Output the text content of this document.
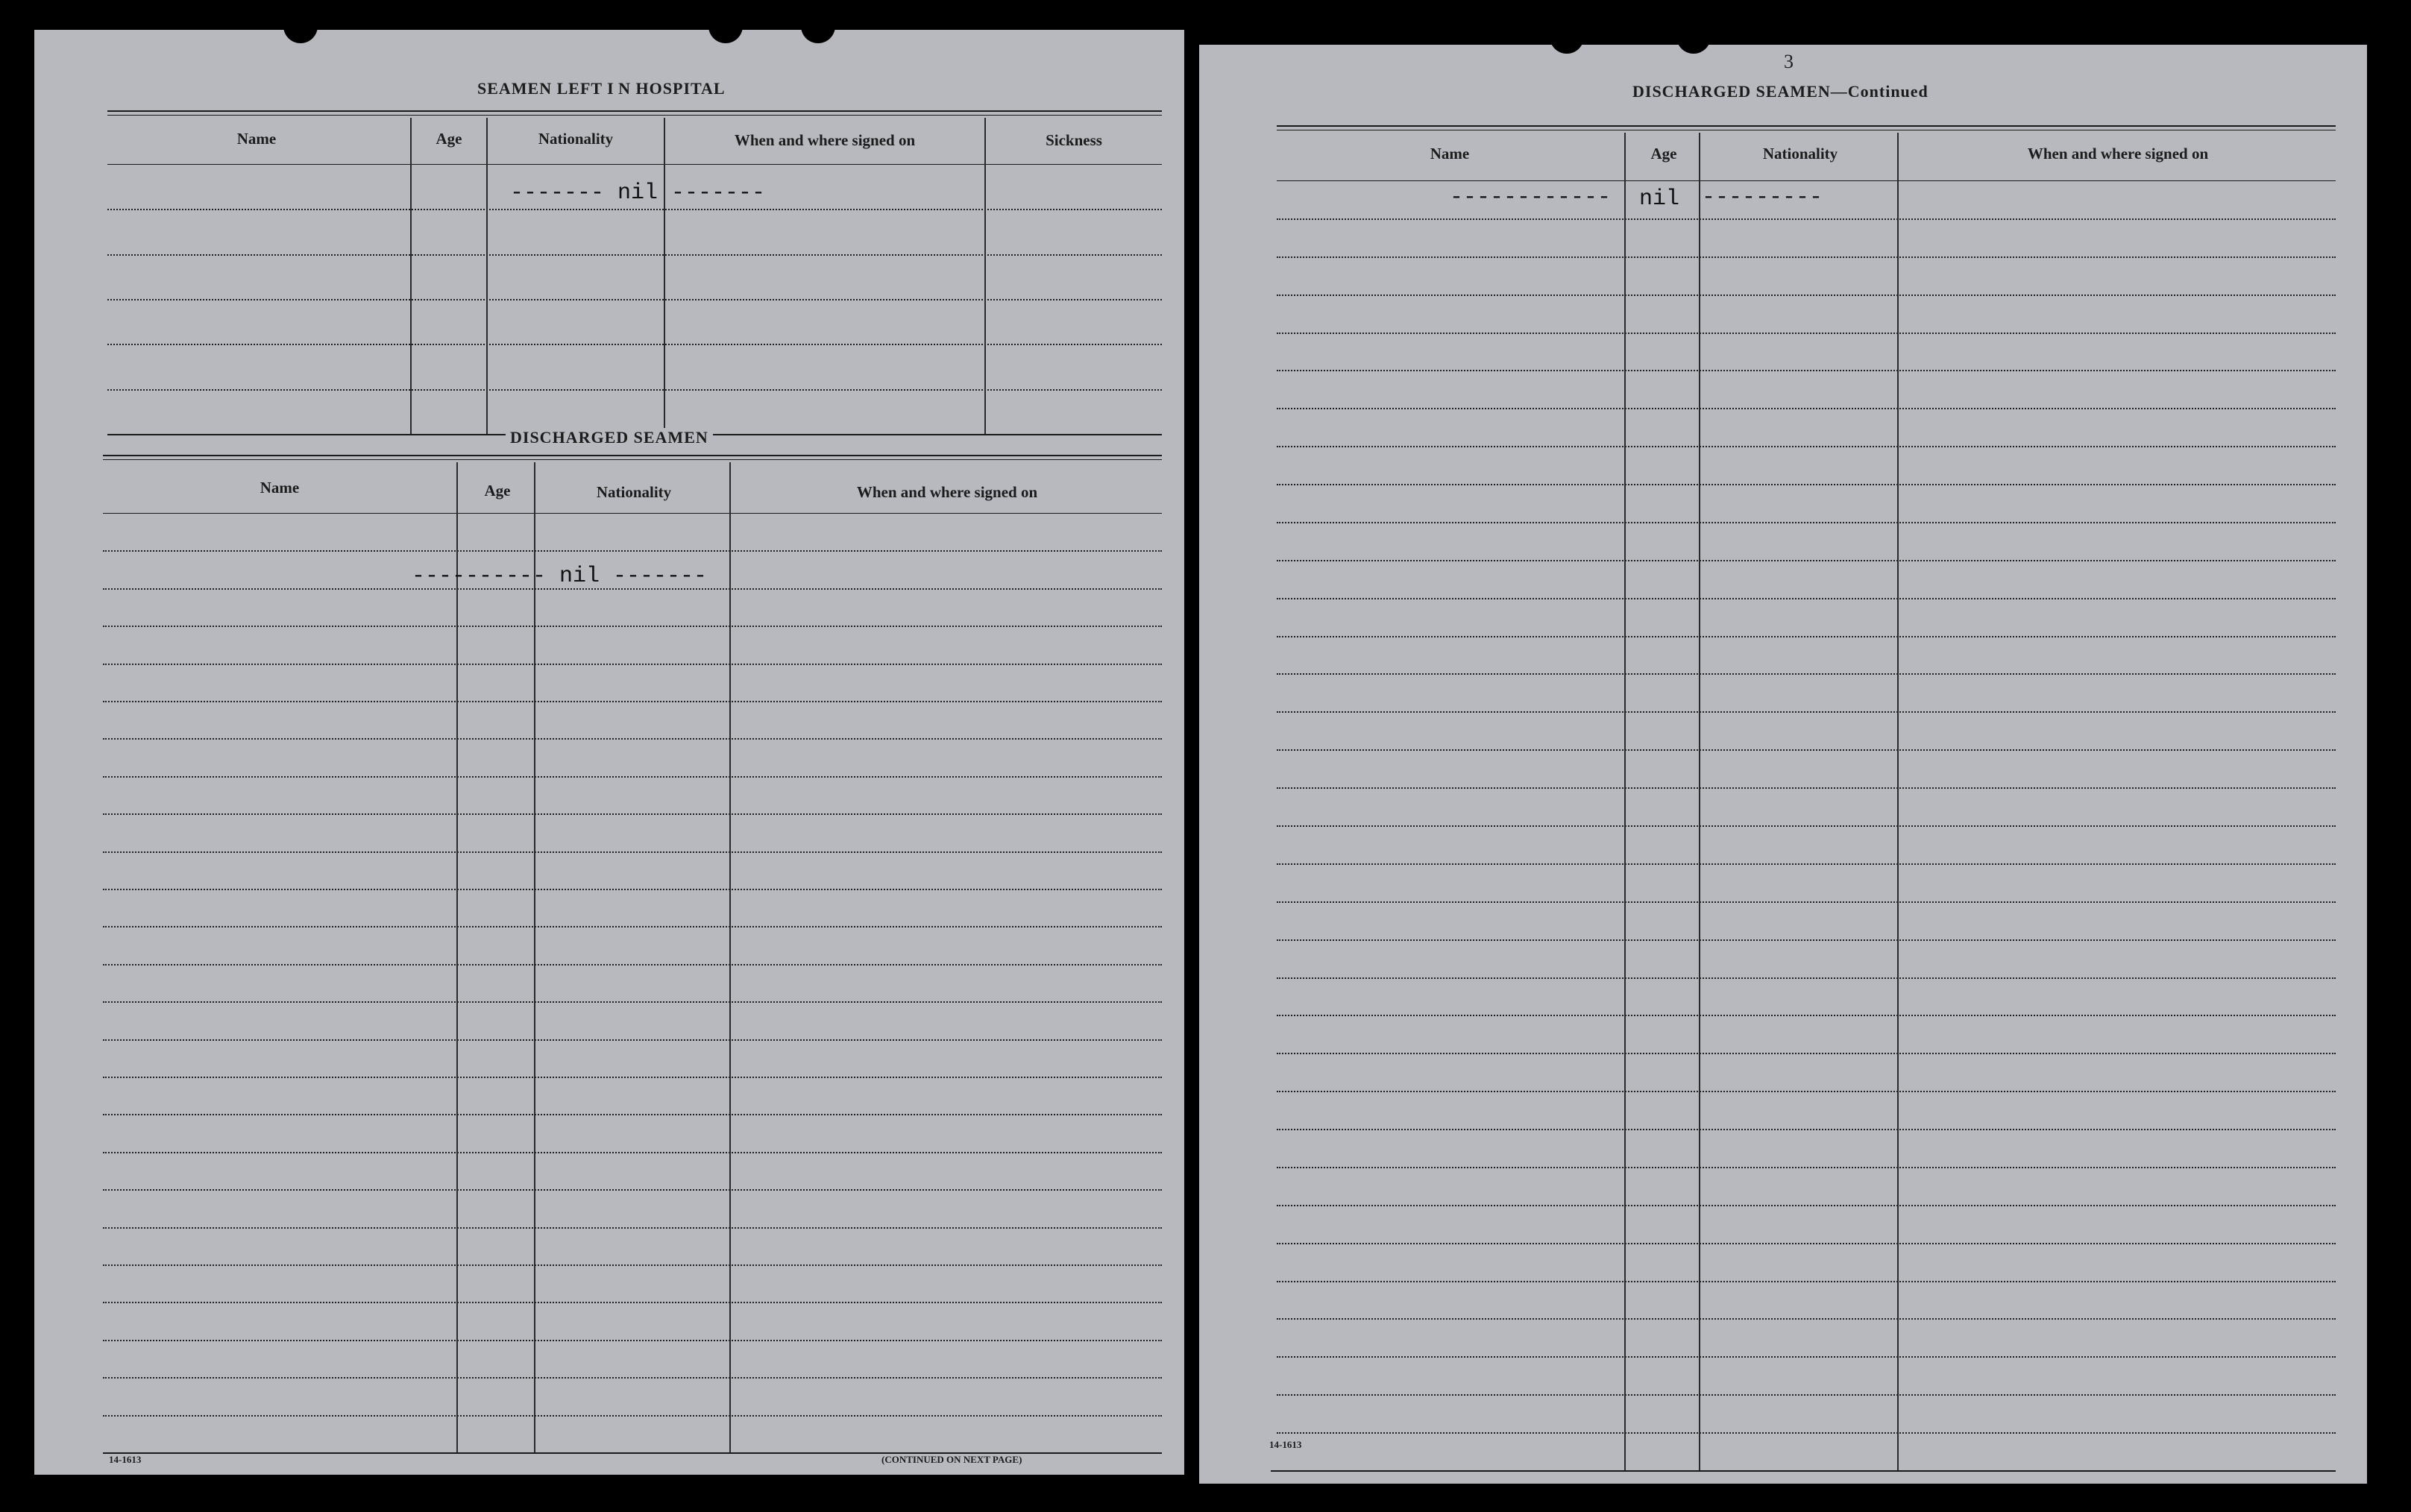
SEAMEN LEFT I N HOSPITAL
Name	Age	Nationality	When and where signed on	Sickness
------- nil -------
DISCHARGED SEAMEN
Name	Age	Nationality	When and where signed on
---------- nil -------
14-1613	(CONTINUED ON NEXT PAGE)
3
DISCHARGED SEAMEN—Continued
Name	Age	Nationality	When and where signed on
------------ nil ---------
14-1613
